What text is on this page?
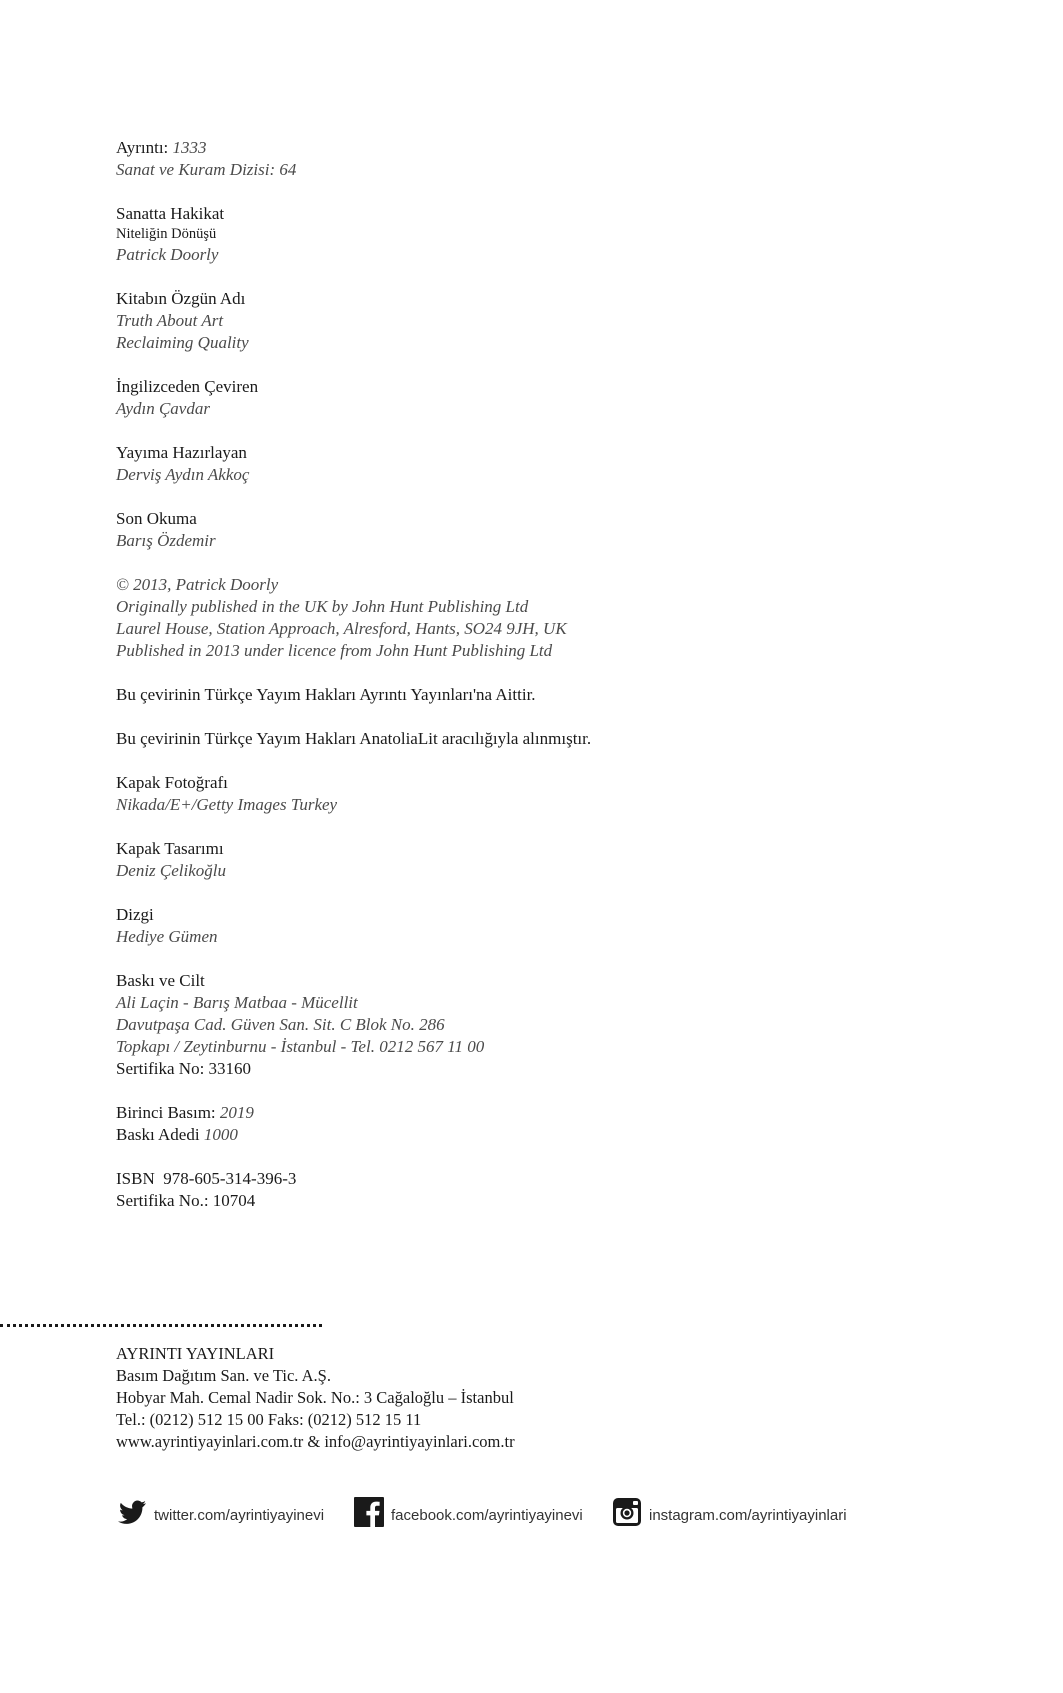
Ayrıntı: 1333
Sanat ve Kuram Dizisi: 64
Sanatta Hakikat
Niteliğin Dönüşü
Patrick Doorly
Kitabın Özgün Adı
Truth About Art
Reclaiming Quality
İngilizceden Çeviren
Aydın Çavdar
Yayıma Hazırlayan
Derviş Aydın Akkoç
Son Okuma
Barış Özdemir
© 2013, Patrick Doorly
Originally published in the UK by John Hunt Publishing Ltd
Laurel House, Station Approach, Alresford, Hants, SO24 9JH, UK
Published in 2013 under licence from John Hunt Publishing Ltd
Bu çevirinin Türkçe Yayım Hakları Ayrıntı Yayınları'na Aittir.
Bu çevirinin Türkçe Yayım Hakları AnatoliaLit aracılığıyla alınmıştır.
Kapak Fotoğrafı
Nikada/E+/Getty Images Turkey
Kapak Tasarımı
Deniz Çelikoğlu
Dizgi
Hediye Gümen
Baskı ve Cilt
Ali Laçin - Barış Matbaa - Mücellit
Davutpaşa Cad. Güven San. Sit. C Blok No. 286
Topkapı / Zeytinburnu - İstanbul - Tel. 0212 567 11 00
Sertifika No: 33160
Birinci Basım: 2019
Baskı Adedi 1000
ISBN  978-605-314-396-3
Sertifika No.: 10704
AYRINTI YAYINLARI
Basım Dağıtım San. ve Tic. A.Ş.
Hobyar Mah. Cemal Nadir Sok. No.: 3 Cağaloğlu – İstanbul
Tel.: (0212) 512 15 00 Faks: (0212) 512 15 11
www.ayrintiyayinlari.com.tr & info@ayrintiyayinlari.com.tr
twitter.com/ayrintiyayinevi	facebook.com/ayrintiyayinevi	instagram.com/ayrintiyayinlari
